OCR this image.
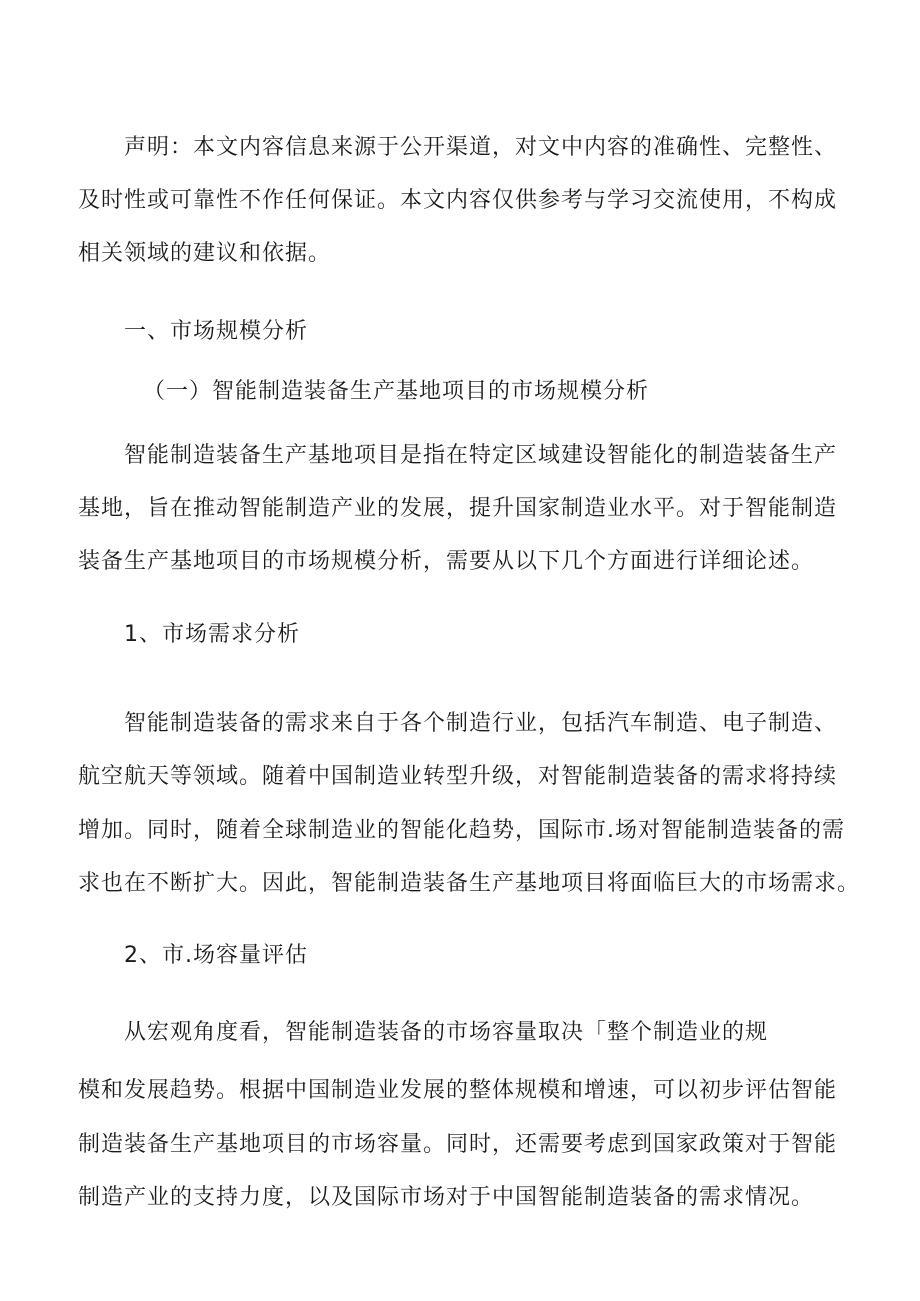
声明：本文内容信息来源于公开渠道，对文中内容的准确性、完整性、
及时性或可靠性不作任何保证。本文内容仅供参考与学习交流使用，不构成
相关领域的建议和依据。
一、市场规模分析
（一）智能制造装备生产基地项目的市场规模分析
智能制造装备生产基地项目是指在特定区域建设智能化的制造装备生产
基地，旨在推动智能制造产业的发展，提升国家制造业水平。对于智能制造
装备生产基地项目的市场规模分析，需要从以下几个方面进行详细论述。
1、市场需求分析
智能制造装备的需求来自于各个制造行业，包括汽车制造、电子制造、
航空航天等领域。随着中国制造业转型升级，对智能制造装备的需求将持续
增加。同时，随着全球制造业的智能化趋势，国际市.场对智能制造装备的需
求也在不断扩大。因此，智能制造装备生产基地项目将面临巨大的市场需求。
2、市.场容量评估
从宏观角度看，智能制造装备的市场容量取决「整个制造业的规
模和发展趋势。根据中国制造业发展的整体规模和增速，可以初步评估智能
制造装备生产基地项目的市场容量。同时，还需要考虑到国家政策对于智能
制造产业的支持力度，以及国际市场对于中国智能制造装备的需求情况。
